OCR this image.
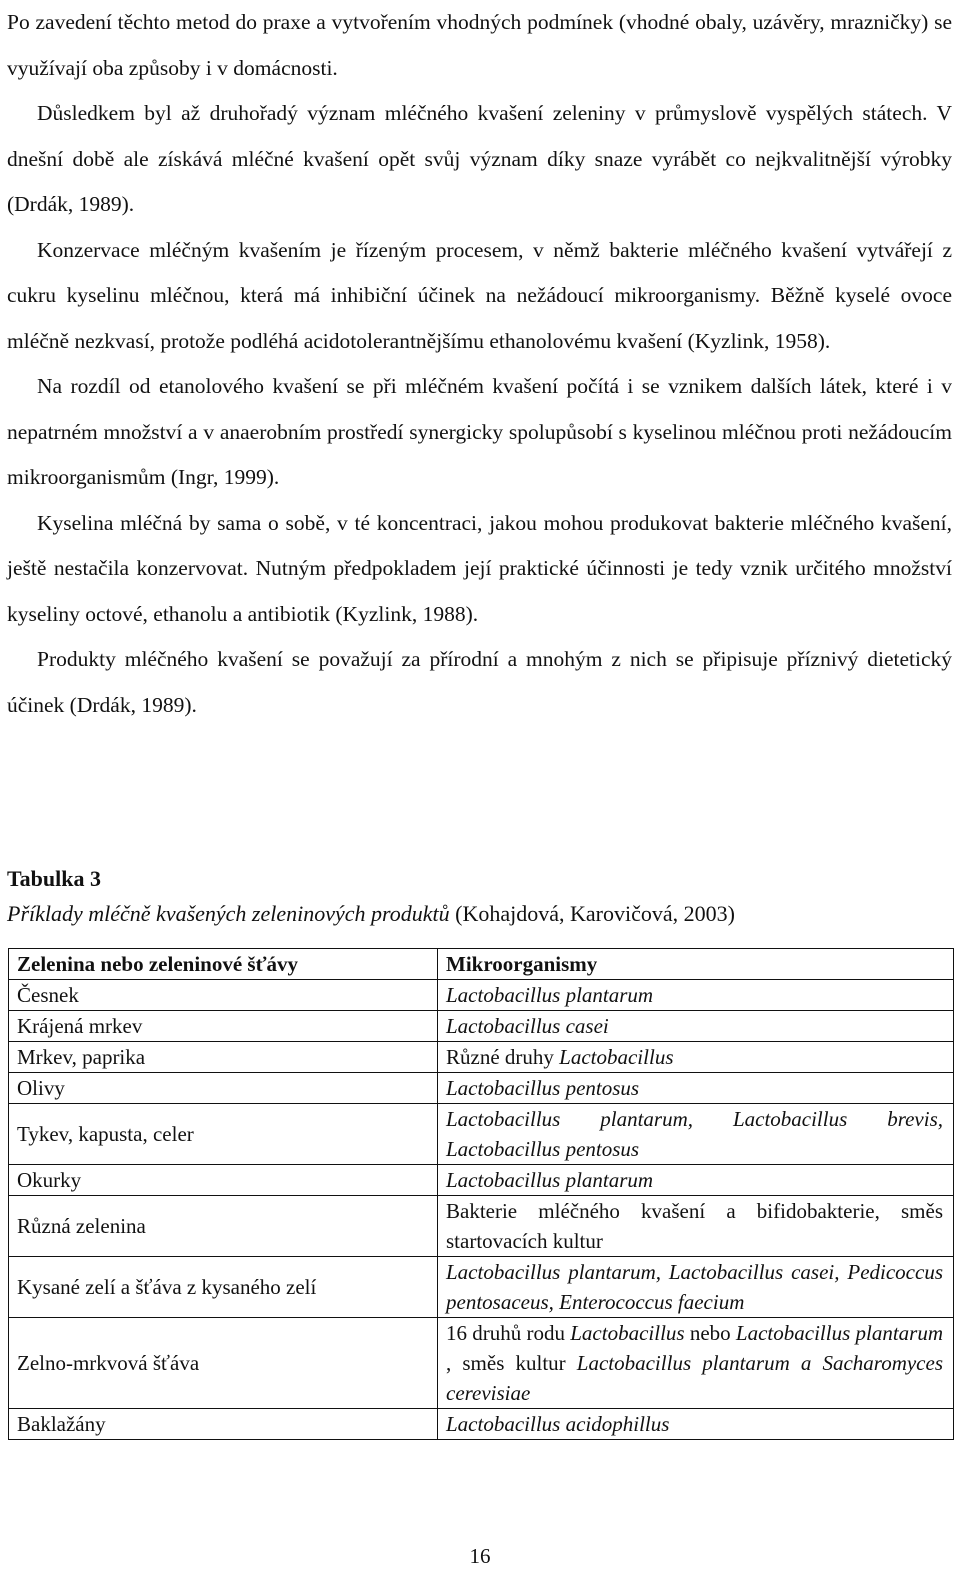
Po zavedení těchto metod do praxe a vytvořením vhodných podmínek (vhodné obaly, uzávěry, mrazničky) se využívají oba způsoby i v domácnosti.

Důsledkem byl až druhořadý význam mléčného kvašení zeleniny v průmyslově vyspělých státech. V dnešní době ale získává mléčné kvašení opět svůj význam díky snaze vyrábět co nejkvalitnější výrobky (Drdák, 1989).

Konzervace mléčným kvašením je řízeným procesem, v němž bakterie mléčného kvašení vytvářejí z cukru kyselinu mléčnou, která má inhibiční účinek na nežádoucí mikroorganismy. Běžně kyselé ovoce mléčně nezkvasí, protože podléhá acidotolerantnějšímu ethanolovému kvašení (Kyzlink, 1958).

Na rozdíl od etanolového kvašení se při mléčném kvašení počítá i se vznikem dalších látek, které i v nepatrném množství a v anaerobním prostředí synergicky spolupůsobí s kyselinou mléčnou proti nežádoucím mikroorganismům (Ingr, 1999).

Kyselina mléčná by sama o sobě, v té koncentraci, jakou mohou produkovat bakterie mléčného kvašení, ještě nestačila konzervovat. Nutným předpokladem její praktické účinnosti je tedy vznik určitého množství kyseliny octové, ethanolu a antibiotik (Kyzlink, 1988).

Produkty mléčného kvašení se považují za přírodní a mnohým z nich se připisuje příznivý dietetický účinek (Drdák, 1989).

Tabulka 3

Příklady mléčně kvašených zeleninových produktů (Kohajdová, Karovičová, 2003)

Zelenina nebo zeleninové šťávy	Mikroorganismy
Česnek	Lactobacillus plantarum
Krájená mrkev	Lactobacillus casei
Mrkev, paprika	Různé druhy Lactobacillus
Olivy	Lactobacillus pentosus
Tykev, kapusta, celer	Lactobacillus plantarum, Lactobacillus brevis, Lactobacillus pentosus
Okurky	Lactobacillus plantarum
Různá zelenina	Bakterie mléčného kvašení a bifidobakterie, směs startovacích kultur
Kysané zelí a šťáva z kysaného zelí	Lactobacillus plantarum, Lactobacillus casei, Pedicoccus pentosaceus, Enterococcus faecium
Zelno-mrkvová šťáva	16 druhů rodu Lactobacillus nebo Lactobacillus plantarum , směs kultur Lactobacillus plantarum a Sacharomyces cerevisiae
Baklažány	Lactobacillus acidophillus
16
